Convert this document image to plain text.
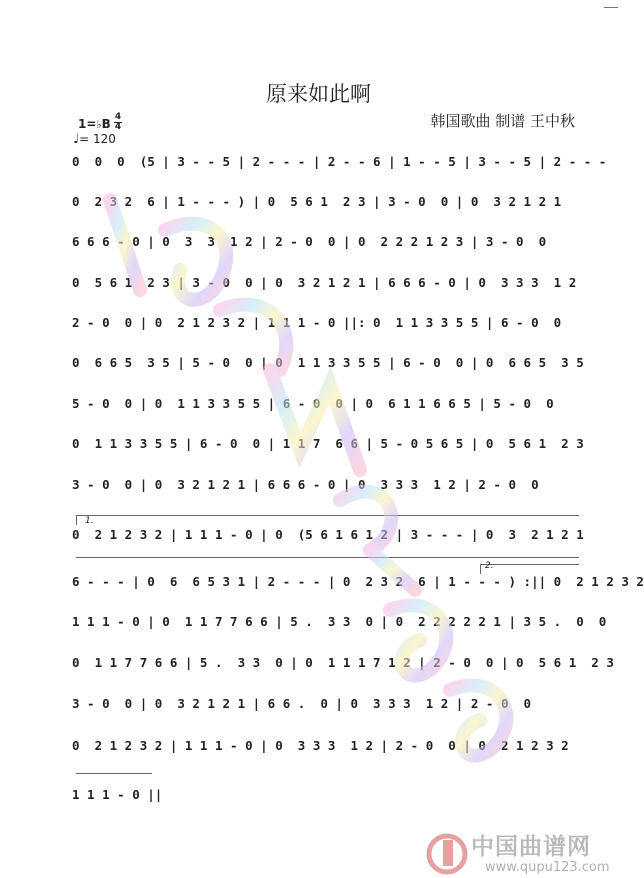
原来如此啊
韩国歌曲 制谱 王中秋
1=♭B 4
4
♩= 120
0  0  0  (5 | 3 - - 5 | 2 - - - | 2 - - 6 | 1 - - 5 | 3 - - 5 | 2 - - -
0  2 3 2  6 | 1 - - - ) | 0  5 6 1  2 3 | 3 - 0  0 | 0  3 2 1 2 1
6 6 6 - 0 | 0  3  3  1 2 | 2 - 0  0 | 0  2 2 2 1 2 3 | 3 - 0  0
0  5 6 1  2 3 | 3 - 0  0 | 0  3 2 1 2 1 | 6 6 6 - 0 | 0  3 3 3  1 2
2 - 0  0 | 0  2 1 2 3 2 | 1 1 1 - 0 ||: 0  1 1 3 3 5 5 | 6 - 0  0
0  6 6 5  3 5 | 5 - 0  0 | 0  1 1 3 3 5 5 | 6 - 0  0 | 0  6 6 5  3 5
5 - 0  0 | 0  1 1 3 3 5 5 | 6 - 0  0 | 0  6 1 1 6 6 5 | 5 - 0  0
0  1 1 3 3 5 5 | 6 - 0  0 | 1 1 7  6 6 | 5 - 0 5 6 5 | 0  5 6 1  2 3
3 - 0  0 | 0  3 2 1 2 1 | 6 6 6 - 0 | 0  3 3 3  1 2 | 2 - 0  0
1.
0  2 1 2 3 2 | 1 1 1 - 0 | 0  (5 6 1 6 1 2 | 3 - - - | 0  3  2 1 2 1
2.
6 - - - | 0  6  6 5 3 1 | 2 - - - | 0  2 3 2  6 | 1 - - - ) :|| 0  2 1 2 3 2
1 1 1 - 0 | 0  1 1 7 7 6 6 | 5 .  3 3  0 | 0  2 2 2 2 2 1 | 3 5 .  0  0
0  1 1 7 7 6 6 | 5 .  3 3  0 | 0  1 1 1 7 1 2 | 2 - 0  0 | 0  5 6 1  2 3
3 - 0  0 | 0  3 2 1 2 1 | 6 6 .  0 | 0  3 3 3  1 2 | 2 - 0  0
0  2 1 2 3 2 | 1 1 1 - 0 | 0  3 3 3  1 2 | 2 - 0  0 | 0  2 1 2 3 2
1 1 1 - 0 ||
中国曲谱网
www.qupu123.com
